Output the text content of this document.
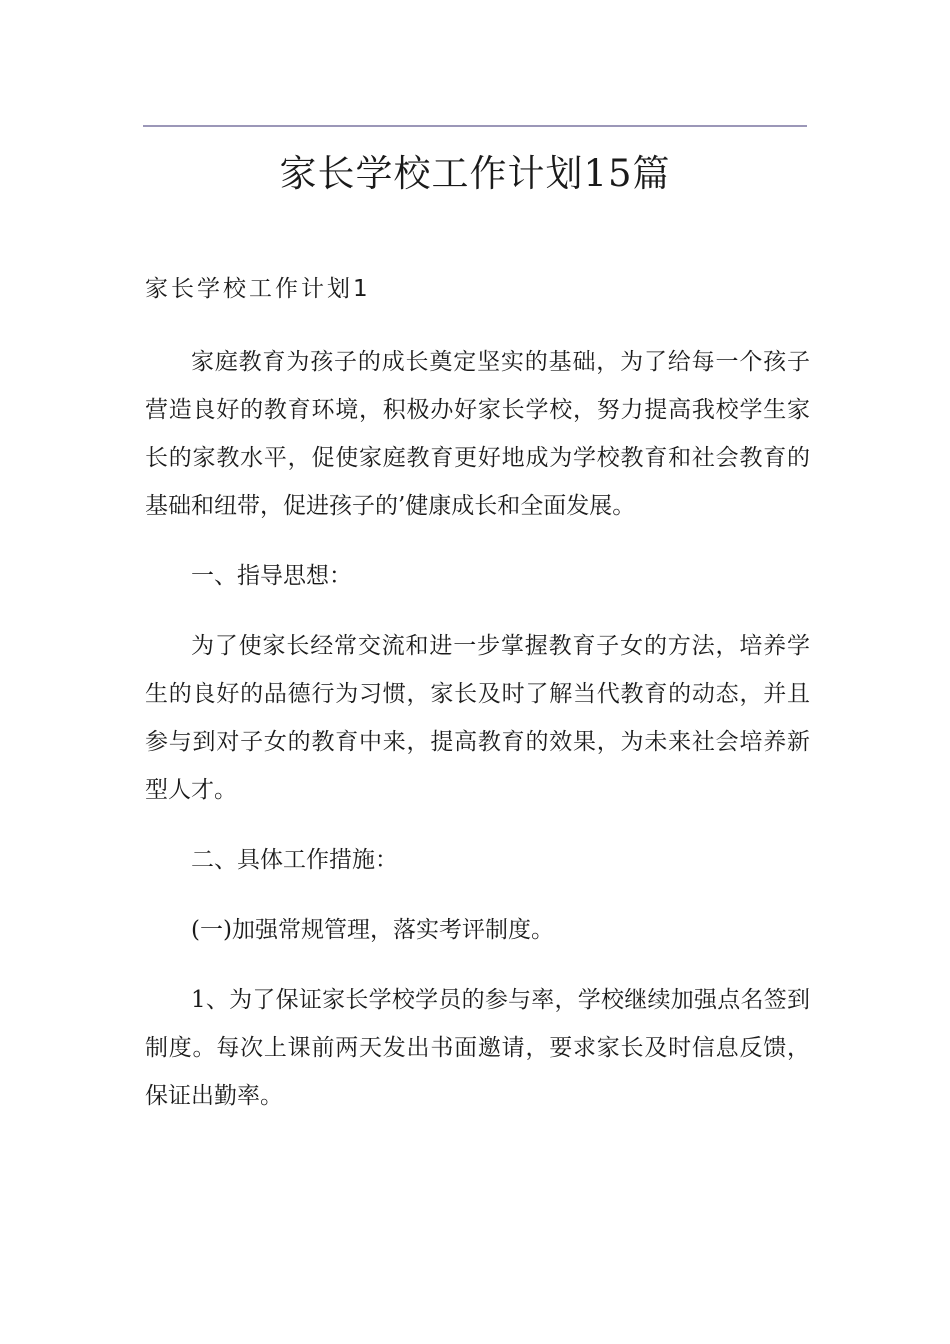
家长学校工作计划15篇
家长学校工作计划1

家庭教育为孩子的成长奠定坚实的基础，为了给每一个孩子营造良好的教育环境，积极办好家长学校，努力提高我校学生家长的家教水平，促使家庭教育更好地成为学校教育和社会教育的基础和纽带，促进孩子的’健康成长和全面发展。

一、指导思想：

为了使家长经常交流和进一步掌握教育子女的方法，培养学生的良好的品德行为习惯，家长及时了解当代教育的动态，并且参与到对子女的教育中来，提高教育的效果，为未来社会培养新型人才。

二、具体工作措施：

(一)加强常规管理，落实考评制度。

1、为了保证家长学校学员的参与率，学校继续加强点名签到制度。每次上课前两天发出书面邀请，要求家长及时信息反馈，保证出勤率。
